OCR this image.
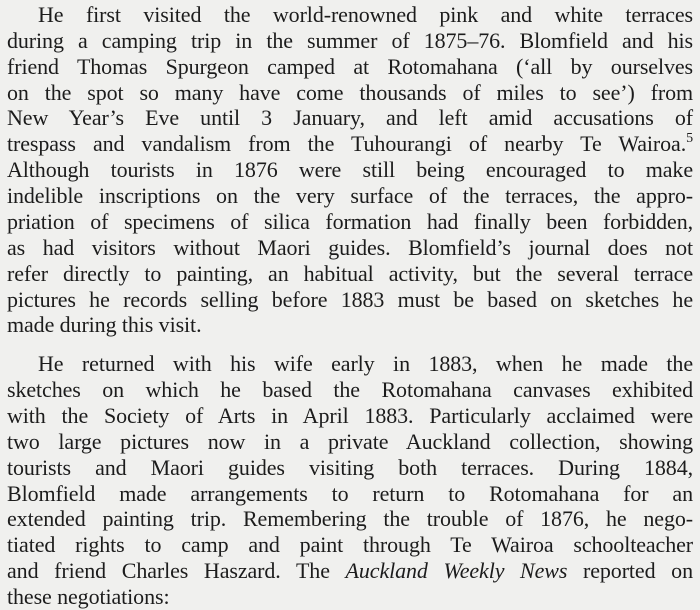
He first visited the world-renowned pink and white terraces
during a camping trip in the summer of 1875–76. Blomfield and his
friend Thomas Spurgeon camped at Rotomahana (‘all by ourselves
on the spot so many have come thousands of miles to see’) from
New Year’s Eve until 3 January, and left amid accusations of
trespass and vandalism from the Tuhourangi of nearby Te Wairoa.$^5$
Although tourists in 1876 were still being encouraged to make
indelible inscriptions on the very surface of the terraces, the appro-
priation of specimens of silica formation had finally been forbidden,
as had visitors without Maori guides. Blomfield’s journal does not
refer directly to painting, an habitual activity, but the several terrace
pictures he records selling before 1883 must be based on sketches he
made during this visit.
He returned with his wife early in 1883, when he made the
sketches on which he based the Rotomahana canvases exhibited
with the Society of Arts in April 1883. Particularly acclaimed were
two large pictures now in a private Auckland collection, showing
tourists and Maori guides visiting both terraces. During 1884,
Blomfield made arrangements to return to Rotomahana for an
extended painting trip. Remembering the trouble of 1876, he nego-
tiated rights to camp and paint through Te Wairoa schoolteacher
and friend Charles Haszard. The Auckland Weekly News reported on
these negotiations:
